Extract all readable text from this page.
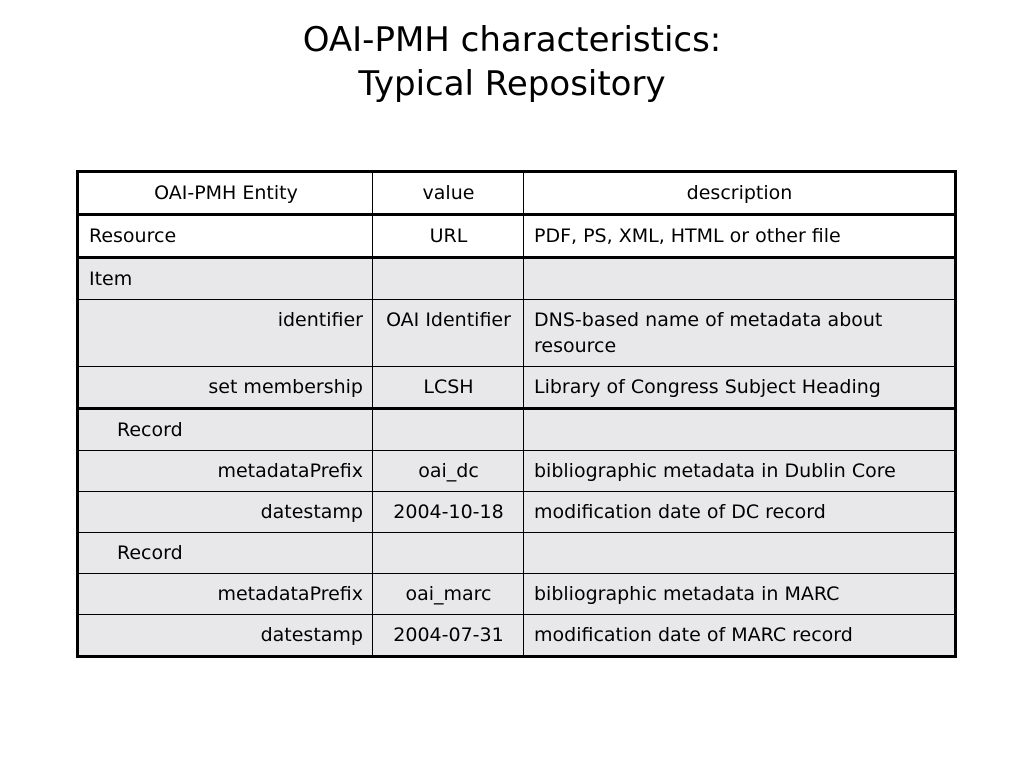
OAI-PMH characteristics:
Typical Repository
OAI-PMH Entity	value	description
Resource	URL	PDF, PS, XML, HTML or other file
Item		
identifier	OAI Identifier	DNS-based name of metadata about resource
set membership	LCSH	Library of Congress Subject Heading
Record		
metadataPrefix	oai_dc	bibliographic metadata in Dublin Core
datestamp	2004-10-18	modification date of DC record
Record		
metadataPrefix	oai_marc	bibliographic metadata in MARC
datestamp	2004-07-31	modification date of MARC record
